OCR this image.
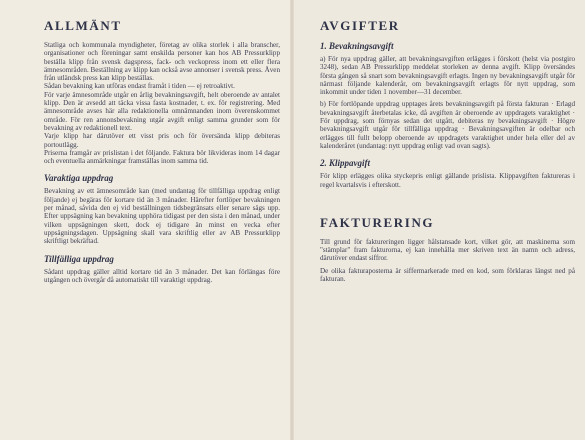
ALLMÄNT

Statliga och kommunala myndigheter, företag av olika storlek i alla branscher, organisationer och föreningar samt enskilda personer kan hos AB Pressurklipp beställa klipp från svensk dagspress, fack- och veckopress inom ett eller flera ämnesområden. Beställning av klipp kan också avse annonser i svensk press. Även från utländsk press kan klipp beställas.

Sådan bevakning kan utföras endast framåt i tiden — ej retroaktivt.

För varje ämnesområde utgår en årlig bevakningsavgift, helt oberoende av antalet klipp. Den är avsedd att täcka vissa fasta kostnader, t. ex. för registrering. Med ämnesområde avses här alla redaktionella omnämnanden inom överenskommet område. För ren annonsbevakning utgår avgift enligt samma grunder som för bevakning av redaktionell text.

Varje klipp har därutöver ett visst pris och för översända klipp debiteras portoutlägg.

Priserna framgår av prislistan i det följande. Faktura bör likvideras inom 14 dagar och eventuella anmärkningar framställas inom samma tid.

Varaktiga uppdrag

Bevakning av ett ämnesområde kan (med undantag för tillfälliga uppdrag enligt följande) ej begäras för kortare tid än 3 månader. Härefter fortlöper bevakningen per månad, såvida den ej vid beställningen tidsbegränsats eller senare sägs upp. Efter uppsägning kan bevakning upphöra tidigast per den sista i den månad, under vilken uppsägningen skett, dock ej tidigare än minst en vecka efter uppsägningsdagen. Uppsägning skall vara skriftlig eller av AB Pressurklipp skriftligt bekräftad.

Tillfälliga uppdrag

Sådant uppdrag gäller alltid kortare tid än 3 månader. Det kan förlängas före utgången och övergår då automatiskt till varaktigt uppdrag.

AVGIFTER
1. Bevakningsavgift

a) För nya uppdrag gäller, att bevakningsavgiften erlägges i förskott (helst via postgiro 3248), sedan AB Pressurklipp meddelat storleken av denna avgift. Klipp översändes första gången så snart som bevakningsavgift erlagts. Ingen ny bevakningsavgift utgår för närmast följande kalenderår, om bevakningsavgift erlagts för nytt uppdrag, som inkommit under tiden 1 november—31 december.

b) För fortlöpande uppdrag upptages årets bevakningsavgift på första fakturan · Erlagd bevakningsavgift återbetalas icke, då avgiften är oberoende av uppdragets varaktighet · För uppdrag, som förnyas sedan det utgått, debiteras ny bevakningsavgift · Högre bevakningsavgift utgår för tillfälliga uppdrag · Bevakningsavgiften är odelbar och erlägges till fullt belopp oberoende av uppdragets varaktighet under hela eller del av kalenderåret (undantag: nytt uppdrag enligt vad ovan sagts).

2. Klippavgift

För klipp erlägges olika styckepris enligt gällande prislista. Klippavgiften faktureras i regel kvartalsvis i efterskott.

FAKTURERING

Till grund för faktureringen ligger hålstansade kort, vilket gör, att maskinerna som "stämplar" fram fakturorna, ej kan innehålla mer skriven text än namn och adress, därutöver endast siffror.

De olika fakturaposterna är siffermarkerade med en kod, som förklaras längst ned på fakturan.
